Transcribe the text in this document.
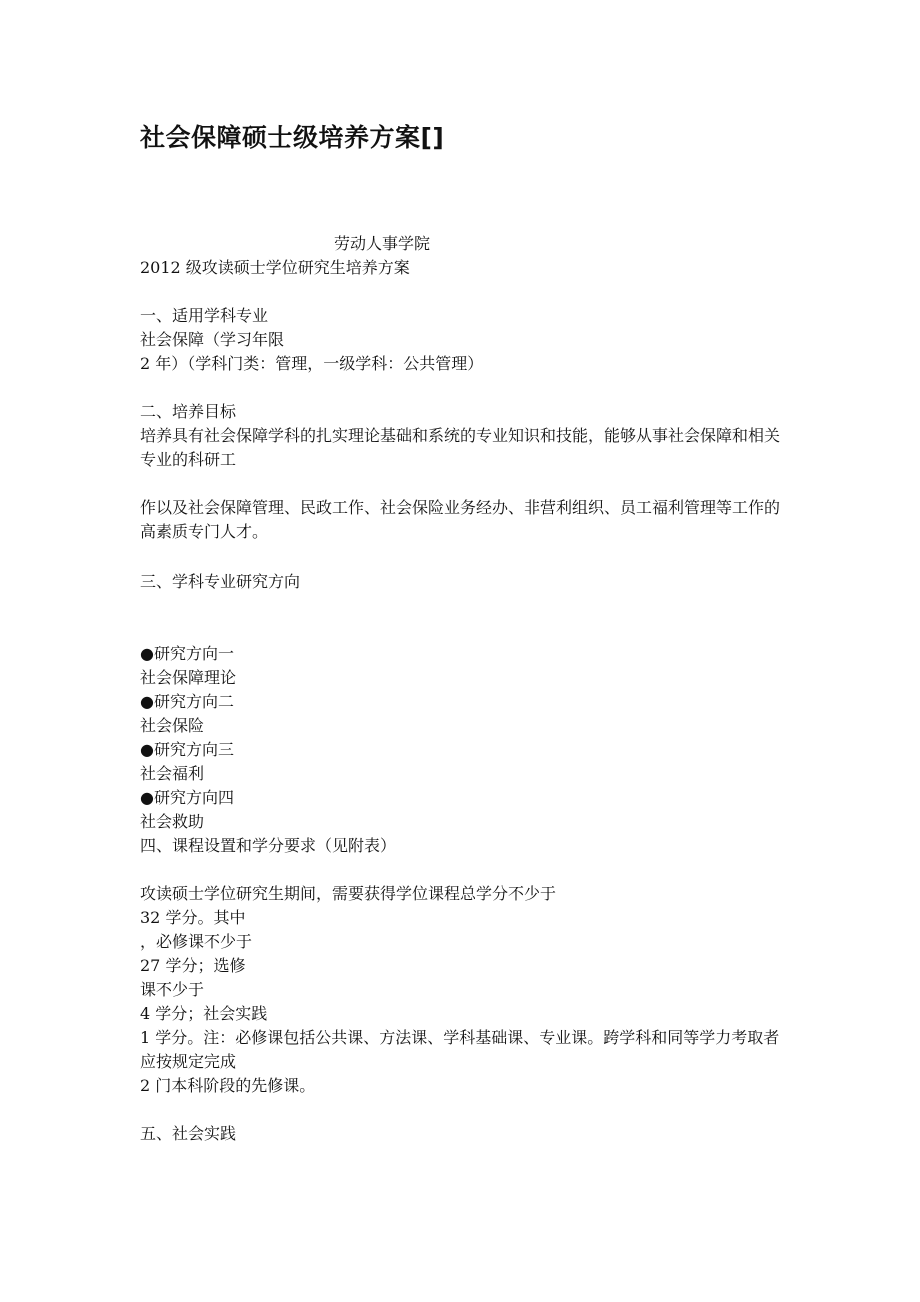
社会保障硕士级培养方案[]
劳动人事学院
2012 级攻读硕士学位研究生培养方案
一、适用学科专业
社会保障（学习年限
2 年）（学科门类：管理，一级学科：公共管理）
二、培养目标
培养具有社会保障学科的扎实理论基础和系统的专业知识和技能，能够从事社会保障和相关专业的科研工
作以及社会保障管理、民政工作、社会保险业务经办、非营利组织、员工福利管理等工作的高素质专门人才。
三、学科专业研究方向
●研究方向一
社会保障理论
●研究方向二
社会保险
●研究方向三
社会福利
●研究方向四
社会救助
四、课程设置和学分要求（见附表）
攻读硕士学位研究生期间，需要获得学位课程总学分不少于
32 学分。其中
，必修课不少于
27 学分；选修
课不少于
4 学分；社会实践
1 学分。注：必修课包括公共课、方法课、学科基础课、专业课。跨学科和同等学力考取者应按规定完成
2 门本科阶段的先修课。
五、社会实践
